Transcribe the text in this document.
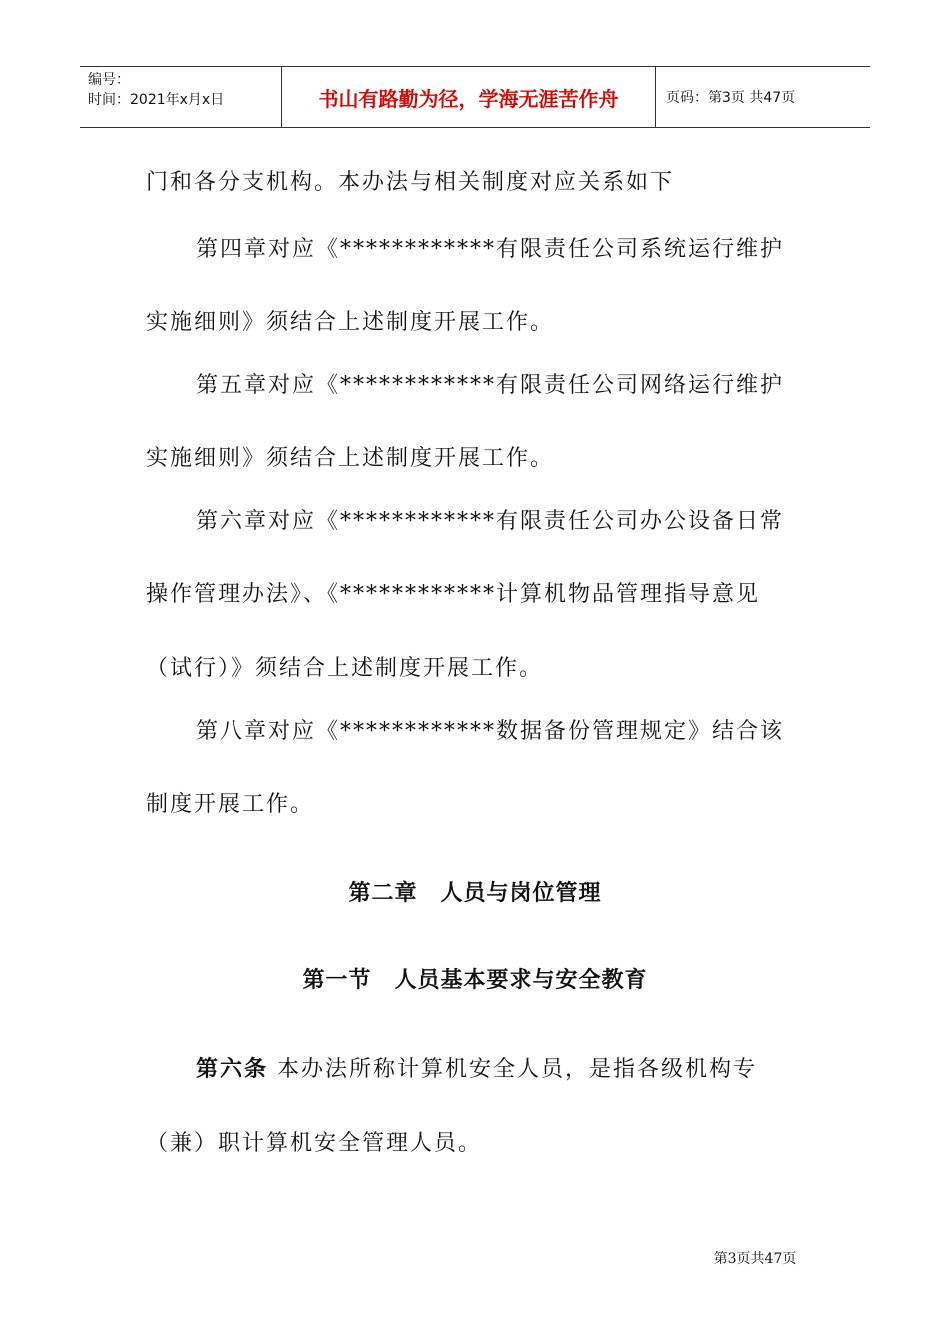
编号：
时间：2021年x月x日	书山有路勤为径，学海无涯苦作舟	页码：第3页 共47页
门和各分支机构。本办法与相关制度对应关系如下
第四章对应《************有限责任公司系统运行维护
实施细则》须结合上述制度开展工作。
第五章对应《************有限责任公司网络运行维护
实施细则》须结合上述制度开展工作。
第六章对应《************有限责任公司办公设备日常
操作管理办法》、《************计算机物品管理指导意见
（试行）》须结合上述制度开展工作。
第八章对应《************数据备份管理规定》结合该
制度开展工作。
第二章　人员与岗位管理
第一节　人员基本要求与安全教育
第六条 本办法所称计算机安全人员，是指各级机构专
（兼）职计算机安全管理人员。
第3页共47页
